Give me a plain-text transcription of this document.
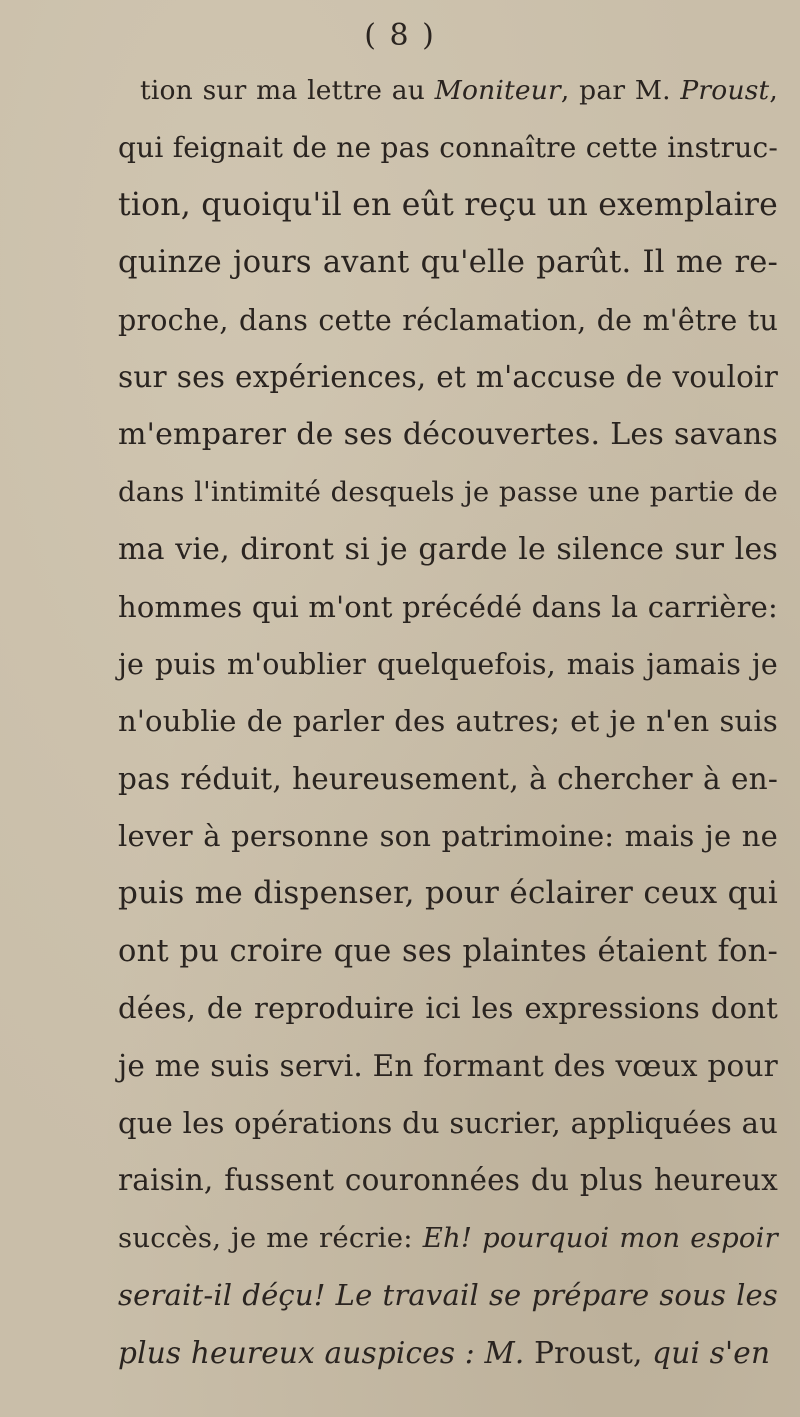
( 8 )
tion sur ma lettre au Moniteur, par M. Proust,
qui feignait de ne pas connaître cette instruc-
tion, quoiqu'il en eût reçu un exemplaire
quinze jours avant qu'elle parût. Il me re-
proche, dans cette réclamation, de m'être tu
sur ses expériences, et m'accuse de vouloir
m'emparer de ses découvertes. Les savans
dans l'intimité desquels je passe une partie de
ma vie, diront si je garde le silence sur les
hommes qui m'ont précédé dans la carrière:
je puis m'oublier quelquefois, mais jamais je
n'oublie de parler des autres; et je n'en suis
pas réduit, heureusement, à chercher à en-
lever à personne son patrimoine: mais je ne
puis me dispenser, pour éclairer ceux qui
ont pu croire que ses plaintes étaient fon-
dées, de reproduire ici les expressions dont
je me suis servi. En formant des vœux pour
que les opérations du sucrier, appliquées au
raisin, fussent couronnées du plus heureux
succès, je me récrie: Eh! pourquoi mon espoir
serait-il déçu! Le travail se prépare sous les
plus heureux auspices : M. Proust, qui s'en
